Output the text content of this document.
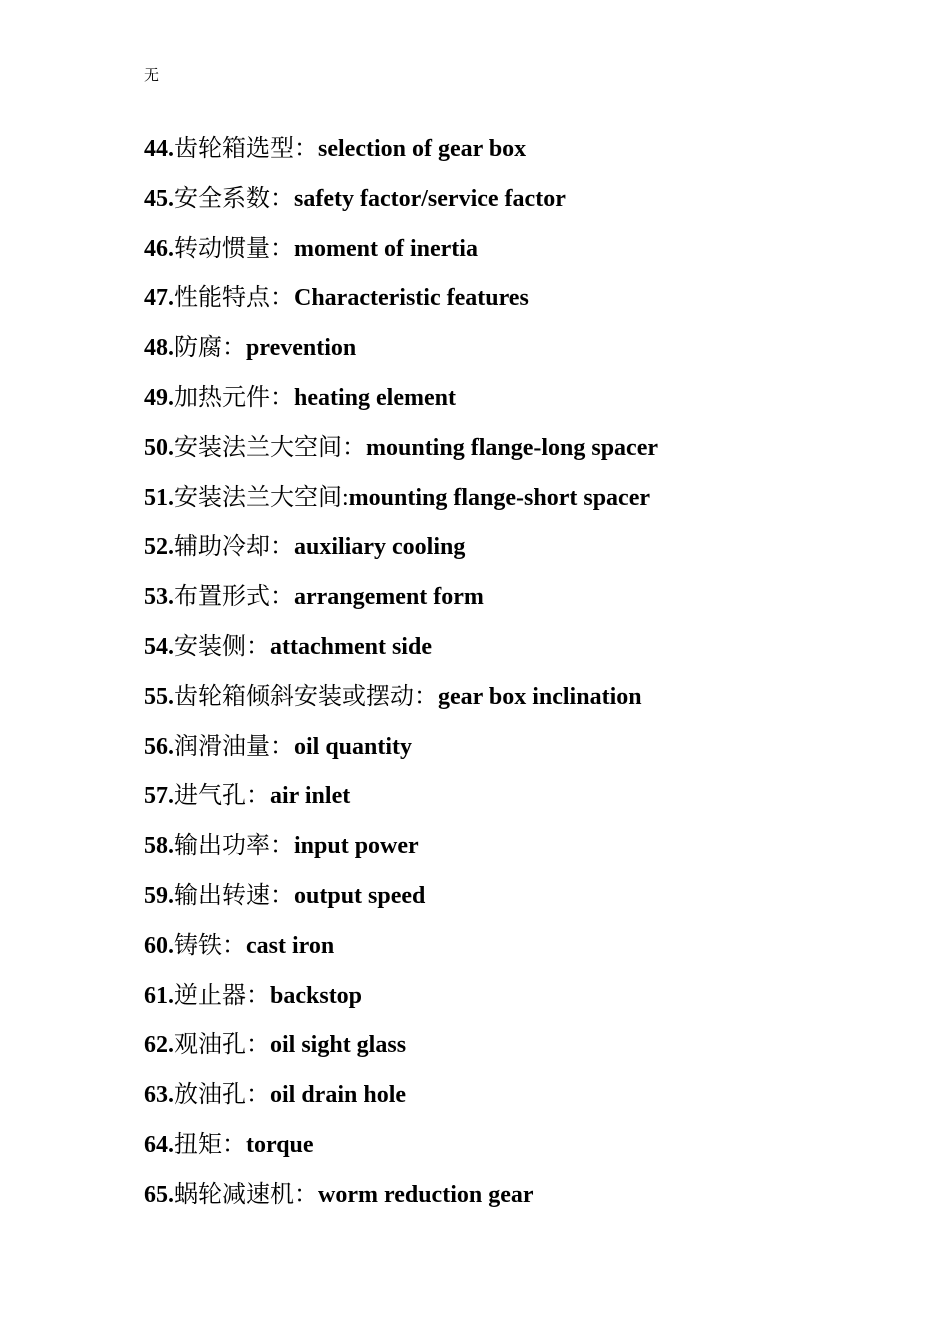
无
44.齿轮箱选型：selection of gear box
45.安全系数：safety factor/service factor
46.转动惯量：moment of inertia
47.性能特点：Characteristic features
48.防腐：prevention
49.加热元件：heating element
50.安装法兰大空间：mounting flange-long spacer
51.安装法兰大空间:mounting flange-short spacer
52.辅助冷却：auxiliary cooling
53.布置形式：arrangement form
54.安装侧：attachment side
55.齿轮箱倾斜安装或摆动：gear box inclination
56.润滑油量：oil quantity
57.进气孔：air inlet
58.输出功率：input power
59.输出转速：output speed
60.铸铁：cast iron
61.逆止器：backstop
62.观油孔：oil sight glass
63.放油孔：oil drain hole
64.扭矩：torque
65.蜗轮减速机：worm reduction gear
